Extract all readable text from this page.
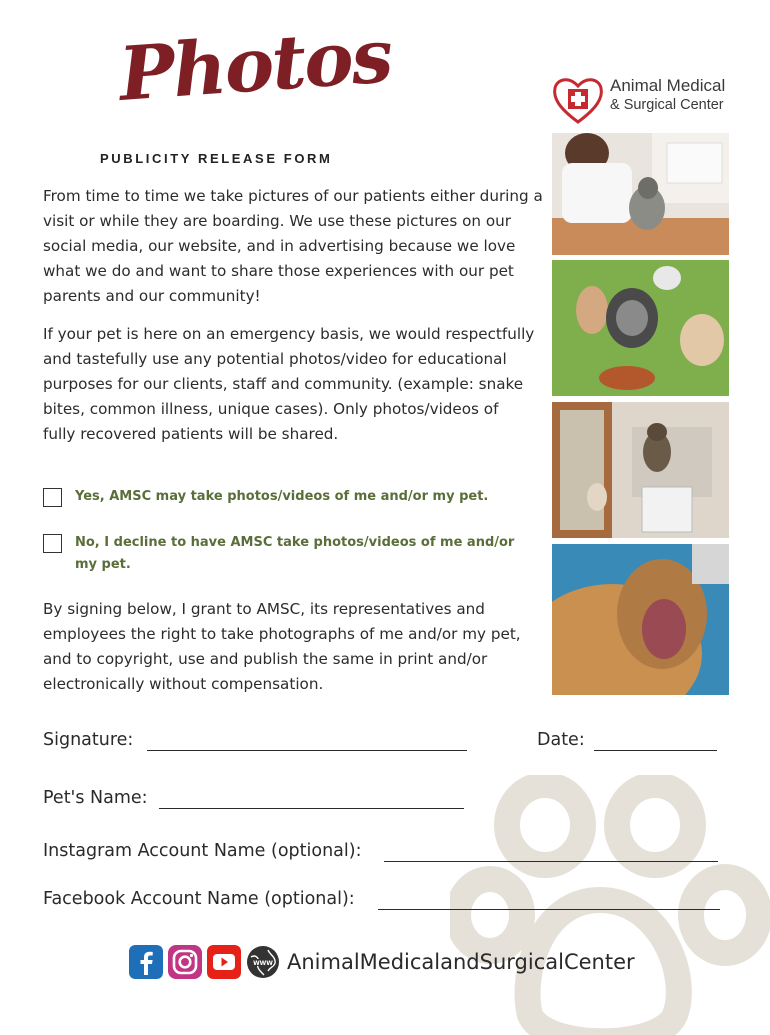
Photos
PUBLICITY RELEASE FORM
Animal Medical
& Surgical Center
From time to time we take pictures of our patients either during a visit or while they are boarding. We use these pictures on our social media, our website, and in advertising because we love what we do and want to share those experiences with our pet parents and our community!
If your pet is here on an emergency basis, we would respectfully and tastefully use any potential photos/video for educational purposes for our clients, staff and community. (example: snake bites, common illness, unique cases). Only photos/videos of fully recovered patients will be shared.
Yes, AMSC may take photos/videos of me and/or my pet.
No, I decline to have AMSC take photos/videos of me and/or
my pet.
By signing below, I grant to AMSC, its representatives and employees the right to take photographs of me and/or my pet, and to copyright, use and publish the same in print and/or electronically without compensation.
Signature:	Date:
Pet's Name:
Instagram Account Name (optional):
Facebook Account Name (optional):
WWW AnimalMedicalandSurgicalCenter
